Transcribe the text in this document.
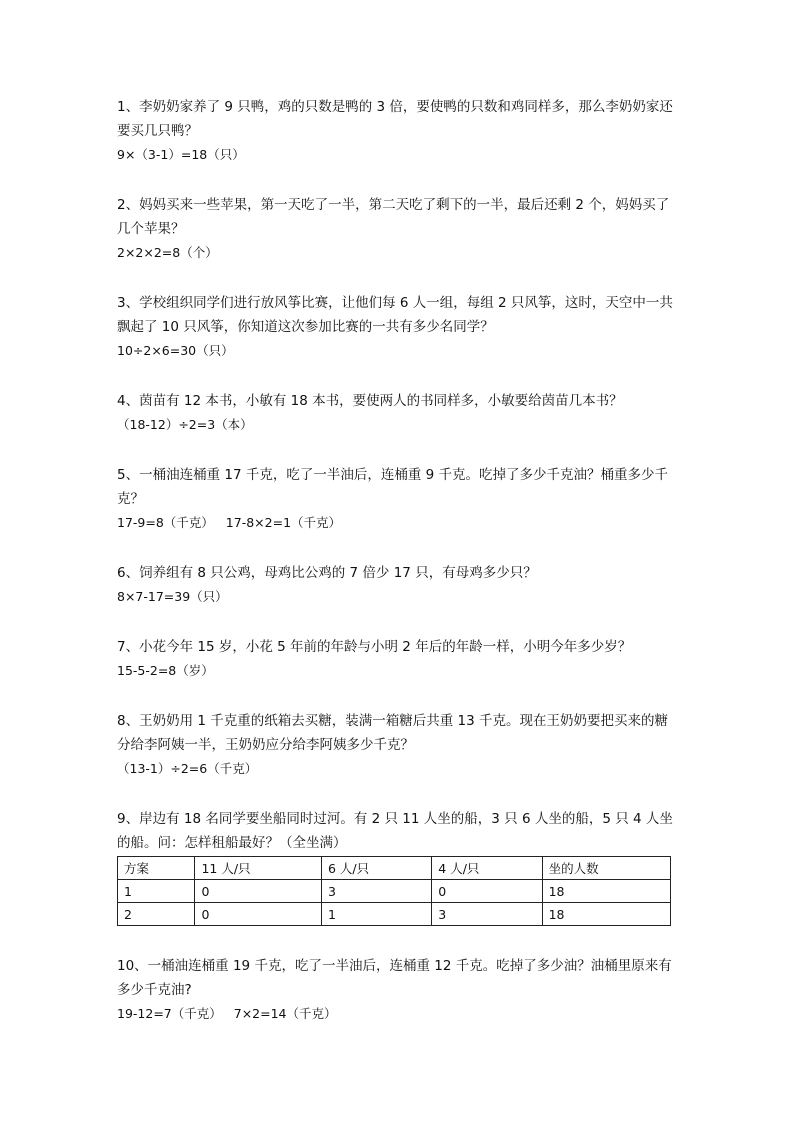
1、李奶奶家养了 9 只鸭，鸡的只数是鸭的 3 倍，要使鸭的只数和鸡同样多，那么李奶奶家还要买几只鸭？

9×（3-1）=18（只）

2、妈妈买来一些苹果，第一天吃了一半，第二天吃了剩下的一半，最后还剩 2 个，妈妈买了几个苹果？

2×2×2=8（个）

3、学校组织同学们进行放风筝比赛，让他们每 6 人一组，每组 2 只风筝，这时，天空中一共飘起了 10 只风筝，你知道这次参加比赛的一共有多少名同学？

10÷2×6=30（只）

4、茵苗有 12 本书，小敏有 18 本书，要使两人的书同样多，小敏要给茵苗几本书？

（18-12）÷2=3（本）

5、一桶油连桶重 17 千克，吃了一半油后，连桶重 9 千克。吃掉了多少千克油？桶重多少千克？

17-9=8（千克） 17-8×2=1（千克）

6、饲养组有 8 只公鸡，母鸡比公鸡的 7 倍少 17 只，有母鸡多少只？

8×7-17=39（只）

7、小花今年 15 岁，小花 5 年前的年龄与小明 2 年后的年龄一样，小明今年多少岁？

15-5-2=8（岁）

8、王奶奶用 1 千克重的纸箱去买糖，装满一箱糖后共重 13 千克。现在王奶奶要把买来的糖分给李阿姨一半，王奶奶应分给李阿姨多少千克？

（13-1）÷2=6（千克）

9、岸边有 18 名同学要坐船同时过河。有 2 只 11 人坐的船，3 只 6 人坐的船，5 只 4 人坐的船。问：怎样租船最好？（全坐满）

方案	11 人/只	6 人/只	4 人/只	坐的人数
1	0	3	0	18
2	0	1	3	18

10、一桶油连桶重 19 千克，吃了一半油后，连桶重 12 千克。吃掉了多少油？油桶里原来有多少千克油?

19-12=7（千克） 7×2=14（千克）
